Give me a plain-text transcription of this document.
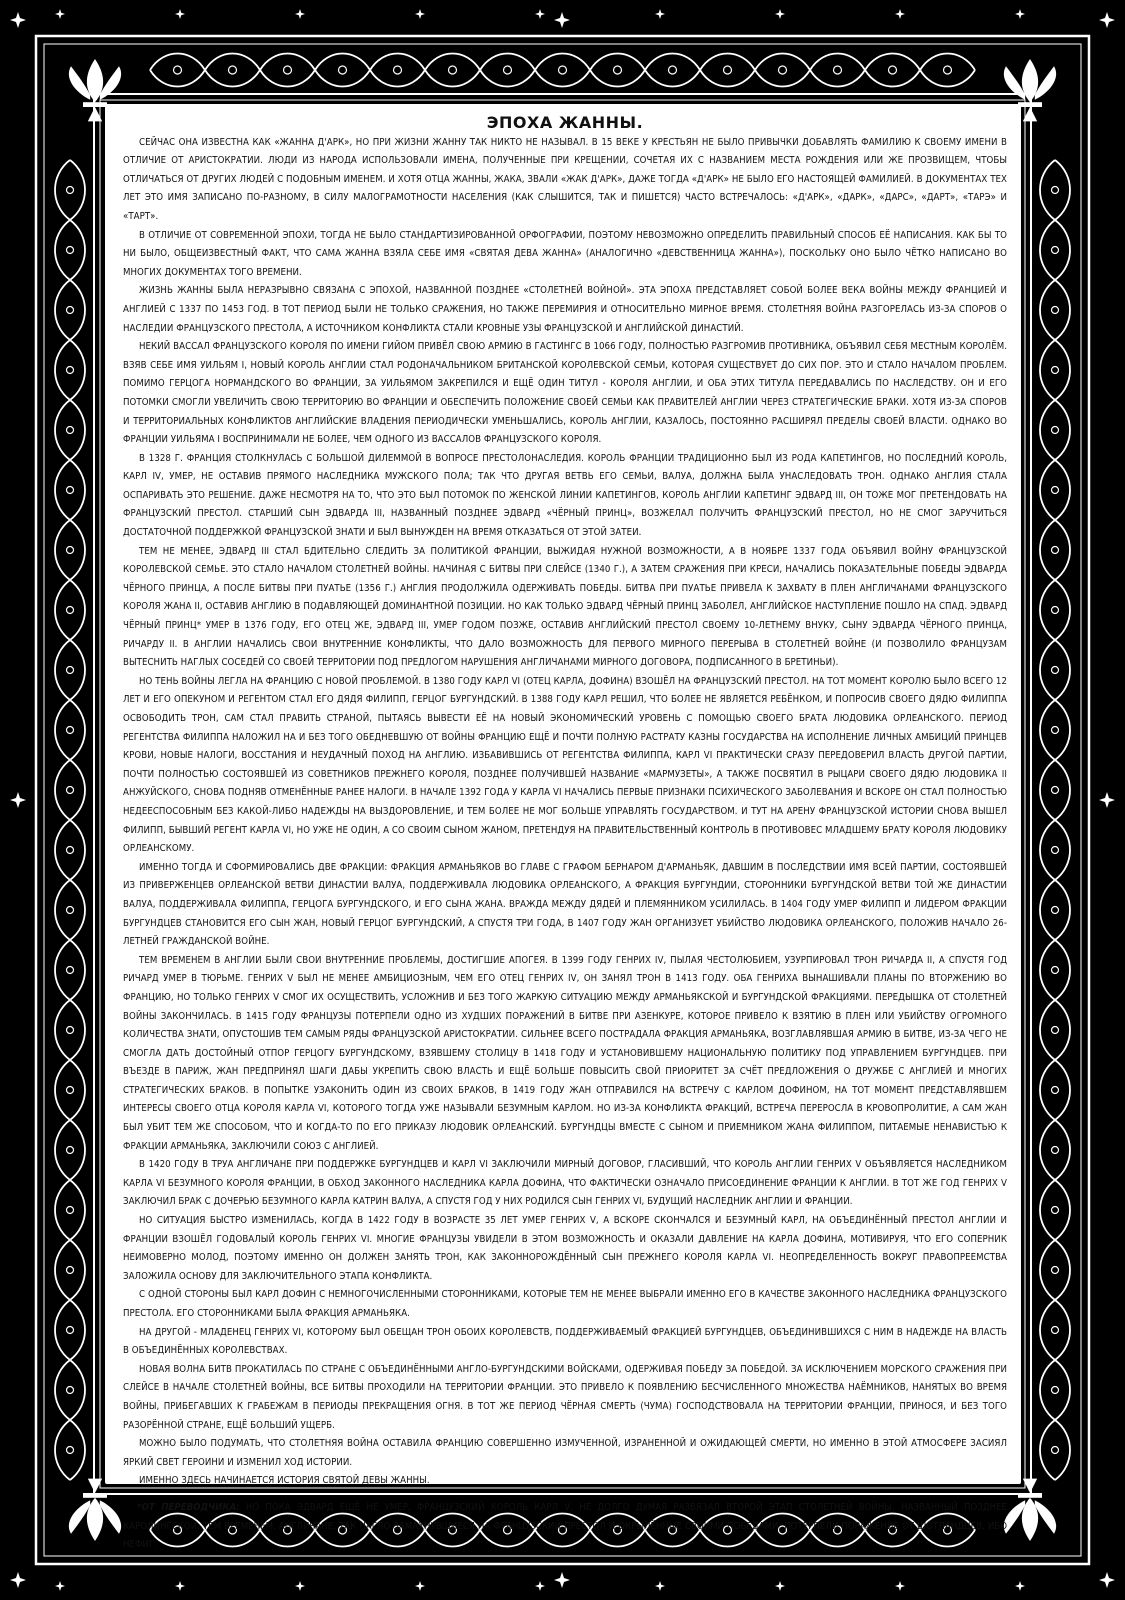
ЭПОХА ЖАННЫ.

СЕЙЧАС ОНА ИЗВЕСТНА КАК «ЖАННА Д'АРК», НО ПРИ ЖИЗНИ ЖАННУ ТАК НИКТО НЕ НАЗЫВАЛ. В 15 ВЕКЕ У КРЕСТЬЯН НЕ БЫЛО ПРИВЫЧКИ ДОБАВЛЯТЬ ФАМИЛИЮ К СВОЕМУ ИМЕНИ В ОТЛИЧИЕ ОТ АРИСТОКРАТИИ. ЛЮДИ ИЗ НАРОДА ИСПОЛЬЗОВАЛИ ИМЕНА, ПОЛУЧЕННЫЕ ПРИ КРЕЩЕНИИ, СОЧЕТАЯ ИХ С НАЗВАНИЕМ МЕСТА РОЖДЕНИЯ ИЛИ ЖЕ ПРОЗВИЩЕМ, ЧТОБЫ ОТЛИЧАТЬСЯ ОТ ДРУГИХ ЛЮДЕЙ С ПОДОБНЫМ ИМЕНЕМ. И ХОТЯ ОТЦА ЖАННЫ, ЖАКА, ЗВАЛИ «ЖАК Д'АРК», ДАЖЕ ТОГДА «Д'АРК» НЕ БЫЛО ЕГО НАСТОЯЩЕЙ ФАМИЛИЕЙ. В ДОКУМЕНТАХ ТЕХ ЛЕТ ЭТО ИМЯ ЗАПИСАНО ПО-РАЗНОМУ, В СИЛУ МАЛОГРАМОТНОСТИ НАСЕЛЕНИЯ (КАК СЛЫШИТСЯ, ТАК И ПИШЕТСЯ) ЧАСТО ВСТРЕЧАЛОСЬ: «Д'АРК», «ДАРК», «ДАРС», «ДАРТ», «ТАРЭ» И «ТАРТ».

В ОТЛИЧИЕ ОТ СОВРЕМЕННОЙ ЭПОХИ, ТОГДА НЕ БЫЛО СТАНДАРТИЗИРОВАННОЙ ОРФОГРАФИИ, ПОЭТОМУ НЕВОЗМОЖНО ОПРЕДЕЛИТЬ ПРАВИЛЬНЫЙ СПОСОБ ЕЁ НАПИСАНИЯ. КАК БЫ ТО НИ БЫЛО, ОБЩЕИЗВЕСТНЫЙ ФАКТ, ЧТО САМА ЖАННА ВЗЯЛА СЕБЕ ИМЯ «СВЯТАЯ ДЕВА ЖАННА» (АНАЛОГИЧНО «ДЕВСТВЕННИЦА ЖАННА»), ПОСКОЛЬКУ ОНО БЫЛО ЧЁТКО НАПИСАНО ВО МНОГИХ ДОКУМЕНТАХ ТОГО ВРЕМЕНИ.

ЖИЗНЬ ЖАННЫ БЫЛА НЕРАЗРЫВНО СВЯЗАНА С ЭПОХОЙ, НАЗВАННОЙ ПОЗДНЕЕ «СТОЛЕТНЕЙ ВОЙНОЙ». ЭТА ЭПОХА ПРЕДСТАВЛЯЕТ СОБОЙ БОЛЕЕ ВЕКА ВОЙНЫ МЕЖДУ ФРАНЦИЕЙ И АНГЛИЕЙ С 1337 ПО 1453 ГОД. В ТОТ ПЕРИОД БЫЛИ НЕ ТОЛЬКО СРАЖЕНИЯ, НО ТАКЖЕ ПЕРЕМИРИЯ И ОТНОСИТЕЛЬНО МИРНОЕ ВРЕМЯ. СТОЛЕТНЯЯ ВОЙНА РАЗГОРЕЛАСЬ ИЗ-ЗА СПОРОВ О НАСЛЕДИИ ФРАНЦУЗСКОГО ПРЕСТОЛА, А ИСТОЧНИКОМ КОНФЛИКТА СТАЛИ КРОВНЫЕ УЗЫ ФРАНЦУЗСКОЙ И АНГЛИЙСКОЙ ДИНАСТИЙ.

НЕКИЙ ВАССАЛ ФРАНЦУЗСКОГО КОРОЛЯ ПО ИМЕНИ ГИЙОМ ПРИВЁЛ СВОЮ АРМИЮ В ГАСТИНГС В 1066 ГОДУ, ПОЛНОСТЬЮ РАЗГРОМИВ ПРОТИВНИКА, ОБЪЯВИЛ СЕБЯ МЕСТНЫМ КОРОЛЁМ. ВЗЯВ СЕБЕ ИМЯ УИЛЬЯМ I, НОВЫЙ КОРОЛЬ АНГЛИИ СТАЛ РОДОНАЧАЛЬНИКОМ БРИТАНСКОЙ КОРОЛЕВСКОЙ СЕМЬИ, КОТОРАЯ СУЩЕСТВУЕТ ДО СИХ ПОР. ЭТО И СТАЛО НАЧАЛОМ ПРОБЛЕМ. ПОМИМО ГЕРЦОГА НОРМАНДСКОГО ВО ФРАНЦИИ, ЗА УИЛЬЯМОМ ЗАКРЕПИЛСЯ И ЕЩЁ ОДИН ТИТУЛ - КОРОЛЯ АНГЛИИ, И ОБА ЭТИХ ТИТУЛА ПЕРЕДАВАЛИСЬ ПО НАСЛЕДСТВУ. ОН И ЕГО ПОТОМКИ СМОГЛИ УВЕЛИЧИТЬ СВОЮ ТЕРРИТОРИЮ ВО ФРАНЦИИ И ОБЕСПЕЧИТЬ ПОЛОЖЕНИЕ СВОЕЙ СЕМЬИ КАК ПРАВИТЕЛЕЙ АНГЛИИ ЧЕРЕЗ СТРАТЕГИЧЕСКИЕ БРАКИ. ХОТЯ ИЗ-ЗА СПОРОВ И ТЕРРИТОРИАЛЬНЫХ КОНФЛИКТОВ АНГЛИЙСКИЕ ВЛАДЕНИЯ ПЕРИОДИЧЕСКИ УМЕНЬШАЛИСЬ, КОРОЛЬ АНГЛИИ, КАЗАЛОСЬ, ПОСТОЯННО РАСШИРЯЛ ПРЕДЕЛЫ СВОЕЙ ВЛАСТИ. ОДНАКО ВО ФРАНЦИИ УИЛЬЯМА I ВОСПРИНИМАЛИ НЕ БОЛЕЕ, ЧЕМ ОДНОГО ИЗ ВАССАЛОВ ФРАНЦУЗСКОГО КОРОЛЯ.

В 1328 Г. ФРАНЦИЯ СТОЛКНУЛАСЬ С БОЛЬШОЙ ДИЛЕММОЙ В ВОПРОСЕ ПРЕСТОЛОНАСЛЕДИЯ. КОРОЛЬ ФРАНЦИИ ТРАДИЦИОННО БЫЛ ИЗ РОДА КАПЕТИНГОВ, НО ПОСЛЕДНИЙ КОРОЛЬ, КАРЛ IV, УМЕР, НЕ ОСТАВИВ ПРЯМОГО НАСЛЕДНИКА МУЖСКОГО ПОЛА; ТАК ЧТО ДРУГАЯ ВЕТВЬ ЕГО СЕМЬИ, ВАЛУА, ДОЛЖНА БЫЛА УНАСЛЕДОВАТЬ ТРОН. ОДНАКО АНГЛИЯ СТАЛА ОСПАРИВАТЬ ЭТО РЕШЕНИЕ. ДАЖЕ НЕСМОТРЯ НА ТО, ЧТО ЭТО БЫЛ ПОТОМОК ПО ЖЕНСКОЙ ЛИНИИ КАПЕТИНГОВ, КОРОЛЬ АНГЛИИ КАПЕТИНГ ЭДВАРД III, ОН ТОЖЕ МОГ ПРЕТЕНДОВАТЬ НА ФРАНЦУЗСКИЙ ПРЕСТОЛ. СТАРШИЙ СЫН ЭДВАРДА III, НАЗВАННЫЙ ПОЗДНЕЕ ЭДВАРД «ЧЁРНЫЙ ПРИНЦ», ВОЗЖЕЛАЛ ПОЛУЧИТЬ ФРАНЦУЗСКИЙ ПРЕСТОЛ, НО НЕ СМОГ ЗАРУЧИТЬСЯ ДОСТАТОЧНОЙ ПОДДЕРЖКОЙ ФРАНЦУЗСКОЙ ЗНАТИ И БЫЛ ВЫНУЖДЕН НА ВРЕМЯ ОТКАЗАТЬСЯ ОТ ЭТОЙ ЗАТЕИ.

ТЕМ НЕ МЕНЕЕ, ЭДВАРД III СТАЛ БДИТЕЛЬНО СЛЕДИТЬ ЗА ПОЛИТИКОЙ ФРАНЦИИ, ВЫЖИДАЯ НУЖНОЙ ВОЗМОЖНОСТИ, А В НОЯБРЕ 1337 ГОДА ОБЪЯВИЛ ВОЙНУ ФРАНЦУЗСКОЙ КОРОЛЕВСКОЙ СЕМЬЕ. ЭТО СТАЛО НАЧАЛОМ СТОЛЕТНЕЙ ВОЙНЫ. НАЧИНАЯ С БИТВЫ ПРИ СЛЕЙСЕ (1340 Г.), А ЗАТЕМ СРАЖЕНИЯ ПРИ КРЕСИ, НАЧАЛИСЬ ПОКАЗАТЕЛЬНЫЕ ПОБЕДЫ ЭДВАРДА ЧЁРНОГО ПРИНЦА, А ПОСЛЕ БИТВЫ ПРИ ПУАТЬЕ (1356 Г.) АНГЛИЯ ПРОДОЛЖИЛА ОДЕРЖИВАТЬ ПОБЕДЫ. БИТВА ПРИ ПУАТЬЕ ПРИВЕЛА К ЗАХВАТУ В ПЛЕН АНГЛИЧАНАМИ ФРАНЦУЗСКОГО КОРОЛЯ ЖАНА II, ОСТАВИВ АНГЛИЮ В ПОДАВЛЯЮЩЕЙ ДОМИНАНТНОЙ ПОЗИЦИИ. НО КАК ТОЛЬКО ЭДВАРД ЧЁРНЫЙ ПРИНЦ ЗАБОЛЕЛ, АНГЛИЙСКОЕ НАСТУПЛЕНИЕ ПОШЛО НА СПАД. ЭДВАРД ЧЁРНЫЙ ПРИНЦ* УМЕР В 1376 ГОДУ, ЕГО ОТЕЦ ЖЕ, ЭДВАРД III, УМЕР ГОДОМ ПОЗЖЕ, ОСТАВИВ АНГЛИЙСКИЙ ПРЕСТОЛ СВОЕМУ 10-ЛЕТНЕМУ ВНУКУ, СЫНУ ЭДВАРДА ЧЁРНОГО ПРИНЦА, РИЧАРДУ II. В АНГЛИИ НАЧАЛИСЬ СВОИ ВНУТРЕННИЕ КОНФЛИКТЫ, ЧТО ДАЛО ВОЗМОЖНОСТЬ ДЛЯ ПЕРВОГО МИРНОГО ПЕРЕРЫВА В СТОЛЕТНЕЙ ВОЙНЕ (И ПОЗВОЛИЛО ФРАНЦУЗАМ ВЫТЕСНИТЬ НАГЛЫХ СОСЕДЕЙ СО СВОЕЙ ТЕРРИТОРИИ ПОД ПРЕДЛОГОМ НАРУШЕНИЯ АНГЛИЧАНАМИ МИРНОГО ДОГОВОРА, ПОДПИСАННОГО В БРЕТИНЬИ).

НО ТЕНЬ ВОЙНЫ ЛЕГЛА НА ФРАНЦИЮ С НОВОЙ ПРОБЛЕМОЙ. В 1380 ГОДУ КАРЛ VI (ОТЕЦ КАРЛА, ДОФИНА) ВЗОШЁЛ НА ФРАНЦУЗСКИЙ ПРЕСТОЛ. НА ТОТ МОМЕНТ КОРОЛЮ БЫЛО ВСЕГО 12 ЛЕТ И ЕГО ОПЕКУНОМ И РЕГЕНТОМ СТАЛ ЕГО ДЯДЯ ФИЛИПП, ГЕРЦОГ БУРГУНДСКИЙ. В 1388 ГОДУ КАРЛ РЕШИЛ, ЧТО БОЛЕЕ НЕ ЯВЛЯЕТСЯ РЕБЁНКОМ, И ПОПРОСИВ СВОЕГО ДЯДЮ ФИЛИППА ОСВОБОДИТЬ ТРОН, САМ СТАЛ ПРАВИТЬ СТРАНОЙ, ПЫТАЯСЬ ВЫВЕСТИ ЕЁ НА НОВЫЙ ЭКОНОМИЧЕСКИЙ УРОВЕНЬ С ПОМОЩЬЮ СВОЕГО БРАТА ЛЮДОВИКА ОРЛЕАНСКОГО. ПЕРИОД РЕГЕНТСТВА ФИЛИППА НАЛОЖИЛ НА И БЕЗ ТОГО ОБЕДНЕВШУЮ ОТ ВОЙНЫ ФРАНЦИЮ ЕЩЁ И ПОЧТИ ПОЛНУЮ РАСТРАТУ КАЗНЫ ГОСУДАРСТВА НА ИСПОЛНЕНИЕ ЛИЧНЫХ АМБИЦИЙ ПРИНЦЕВ КРОВИ, НОВЫЕ НАЛОГИ, ВОССТАНИЯ И НЕУДАЧНЫЙ ПОХОД НА АНГЛИЮ. ИЗБАВИВШИСЬ ОТ РЕГЕНТСТВА ФИЛИППА, КАРЛ VI ПРАКТИЧЕСКИ СРАЗУ ПЕРЕДОВЕРИЛ ВЛАСТЬ ДРУГОЙ ПАРТИИ, ПОЧТИ ПОЛНОСТЬЮ СОСТОЯВШЕЙ ИЗ СОВЕТНИКОВ ПРЕЖНЕГО КОРОЛЯ, ПОЗДНЕЕ ПОЛУЧИВШЕЙ НАЗВАНИЕ «МАРМУЗЕТЫ», А ТАКЖЕ ПОСВЯТИЛ В РЫЦАРИ СВОЕГО ДЯДЮ ЛЮДОВИКА II АНЖУЙСКОГО, СНОВА ПОДНЯВ ОТМЕНЁННЫЕ РАНЕЕ НАЛОГИ. В НАЧАЛЕ 1392 ГОДА У КАРЛА VI НАЧАЛИСЬ ПЕРВЫЕ ПРИЗНАКИ ПСИХИЧЕСКОГО ЗАБОЛЕВАНИЯ И ВСКОРЕ ОН СТАЛ ПОЛНОСТЬЮ НЕДЕЕСПОСОБНЫМ БЕЗ КАКОЙ-ЛИБО НАДЕЖДЫ НА ВЫЗДОРОВЛЕНИЕ, И ТЕМ БОЛЕЕ НЕ МОГ БОЛЬШЕ УПРАВЛЯТЬ ГОСУДАРСТВОМ. И ТУТ НА АРЕНУ ФРАНЦУЗСКОЙ ИСТОРИИ СНОВА ВЫШЕЛ ФИЛИПП, БЫВШИЙ РЕГЕНТ КАРЛА VI, НО УЖЕ НЕ ОДИН, А СО СВОИМ СЫНОМ ЖАНОМ, ПРЕТЕНДУЯ НА ПРАВИТЕЛЬСТВЕННЫЙ КОНТРОЛЬ В ПРОТИВОВЕС МЛАДШЕМУ БРАТУ КОРОЛЯ ЛЮДОВИКУ ОРЛЕАНСКОМУ.

ИМЕННО ТОГДА И СФОРМИРОВАЛИСЬ ДВЕ ФРАКЦИИ: ФРАКЦИЯ АРМАНЬЯКОВ ВО ГЛАВЕ С ГРАФОМ БЕРНАРОМ Д'АРМАНЬЯК, ДАВШИМ В ПОСЛЕДСТВИИ ИМЯ ВСЕЙ ПАРТИИ, СОСТОЯВШЕЙ ИЗ ПРИВЕРЖЕНЦЕВ ОРЛЕАНСКОЙ ВЕТВИ ДИНАСТИИ ВАЛУА, ПОДДЕРЖИВАЛА ЛЮДОВИКА ОРЛЕАНСКОГО, А ФРАКЦИЯ БУРГУНДИИ, СТОРОННИКИ БУРГУНДСКОЙ ВЕТВИ ТОЙ ЖЕ ДИНАСТИИ ВАЛУА, ПОДДЕРЖИВАЛА ФИЛИППА, ГЕРЦОГА БУРГУНДСКОГО, И ЕГО СЫНА ЖАНА. ВРАЖДА МЕЖДУ ДЯДЕЙ И ПЛЕМЯННИКОМ УСИЛИЛАСЬ. В 1404 ГОДУ УМЕР ФИЛИПП И ЛИДЕРОМ ФРАКЦИИ БУРГУНДЦЕВ СТАНОВИТСЯ ЕГО СЫН ЖАН, НОВЫЙ ГЕРЦОГ БУРГУНДСКИЙ, А СПУСТЯ ТРИ ГОДА, В 1407 ГОДУ ЖАН ОРГАНИЗУЕТ УБИЙСТВО ЛЮДОВИКА ОРЛЕАНСКОГО, ПОЛОЖИВ НАЧАЛО 26-ЛЕТНЕЙ ГРАЖДАНСКОЙ ВОЙНЕ.

ТЕМ ВРЕМЕНЕМ В АНГЛИИ БЫЛИ СВОИ ВНУТРЕННИЕ ПРОБЛЕМЫ, ДОСТИГШИЕ АПОГЕЯ. В 1399 ГОДУ ГЕНРИХ IV, ПЫЛАЯ ЧЕСТОЛЮБИЕМ, УЗУРПИРОВАЛ ТРОН РИЧАРДА II, А СПУСТЯ ГОД РИЧАРД УМЕР В ТЮРЬМЕ. ГЕНРИХ V БЫЛ НЕ МЕНЕЕ АМБИЦИОЗНЫМ, ЧЕМ ЕГО ОТЕЦ ГЕНРИХ IV, ОН ЗАНЯЛ ТРОН В 1413 ГОДУ. ОБА ГЕНРИХА ВЫНАШИВАЛИ ПЛАНЫ ПО ВТОРЖЕНИЮ ВО ФРАНЦИЮ, НО ТОЛЬКО ГЕНРИХ V СМОГ ИХ ОСУЩЕСТВИТЬ, УСЛОЖНИВ И БЕЗ ТОГО ЖАРКУЮ СИТУАЦИЮ МЕЖДУ АРМАНЬЯКСКОЙ И БУРГУНДСКОЙ ФРАКЦИЯМИ. ПЕРЕДЫШКА ОТ СТОЛЕТНЕЙ ВОЙНЫ ЗАКОНЧИЛАСЬ. В 1415 ГОДУ ФРАНЦУЗЫ ПОТЕРПЕЛИ ОДНО ИЗ ХУДШИХ ПОРАЖЕНИЙ В БИТВЕ ПРИ АЗЕНКУРЕ, КОТОРОЕ ПРИВЕЛО К ВЗЯТИЮ В ПЛЕН ИЛИ УБИЙСТВУ ОГРОМНОГО КОЛИЧЕСТВА ЗНАТИ, ОПУСТОШИВ ТЕМ САМЫМ РЯДЫ ФРАНЦУЗСКОЙ АРИСТОКРАТИИ. СИЛЬНЕЕ ВСЕГО ПОСТРАДАЛА ФРАКЦИЯ АРМАНЬЯКА, ВОЗГЛАВЛЯВШАЯ АРМИЮ В БИТВЕ, ИЗ-ЗА ЧЕГО НЕ СМОГЛА ДАТЬ ДОСТОЙНЫЙ ОТПОР ГЕРЦОГУ БУРГУНДСКОМУ, ВЗЯВШЕМУ СТОЛИЦУ В 1418 ГОДУ И УСТАНОВИВШЕМУ НАЦИОНАЛЬНУЮ ПОЛИТИКУ ПОД УПРАВЛЕНИЕМ БУРГУНДЦЕВ. ПРИ ВЪЕЗДЕ В ПАРИЖ, ЖАН ПРЕДПРИНЯЛ ШАГИ ДАБЫ УКРЕПИТЬ СВОЮ ВЛАСТЬ И ЕЩЁ БОЛЬШЕ ПОВЫСИТЬ СВОЙ ПРИОРИТЕТ ЗА СЧЁТ ПРЕДЛОЖЕНИЯ О ДРУЖБЕ С АНГЛИЕЙ И МНОГИХ СТРАТЕГИЧЕСКИХ БРАКОВ. В ПОПЫТКЕ УЗАКОНИТЬ ОДИН ИЗ СВОИХ БРАКОВ, В 1419 ГОДУ ЖАН ОТПРАВИЛСЯ НА ВСТРЕЧУ С КАРЛОМ ДОФИНОМ, НА ТОТ МОМЕНТ ПРЕДСТАВЛЯВШЕМ ИНТЕРЕСЫ СВОЕГО ОТЦА КОРОЛЯ КАРЛА VI, КОТОРОГО ТОГДА УЖЕ НАЗЫВАЛИ БЕЗУМНЫМ КАРЛОМ. НО ИЗ-ЗА КОНФЛИКТА ФРАКЦИЙ, ВСТРЕЧА ПЕРЕРОСЛА В КРОВОПРОЛИТИЕ, А САМ ЖАН БЫЛ УБИТ ТЕМ ЖЕ СПОСОБОМ, ЧТО И КОГДА-ТО ПО ЕГО ПРИКАЗУ ЛЮДОВИК ОРЛЕАНСКИЙ. БУРГУНДЦЫ ВМЕСТЕ С СЫНОМ И ПРИЕМНИКОМ ЖАНА ФИЛИППОМ, ПИТАЕМЫЕ НЕНАВИСТЬЮ К ФРАКЦИИ АРМАНЬЯКА, ЗАКЛЮЧИЛИ СОЮЗ С АНГЛИЕЙ.

В 1420 ГОДУ В ТРУА АНГЛИЧАНЕ ПРИ ПОДДЕРЖКЕ БУРГУНДЦЕВ И КАРЛ VI ЗАКЛЮЧИЛИ МИРНЫЙ ДОГОВОР, ГЛАСИВШИЙ, ЧТО КОРОЛЬ АНГЛИИ ГЕНРИХ V ОБЪЯВЛЯЕТСЯ НАСЛЕДНИКОМ КАРЛА VI БЕЗУМНОГО КОРОЛЯ ФРАНЦИИ, В ОБХОД ЗАКОННОГО НАСЛЕДНИКА КАРЛА ДОФИНА, ЧТО ФАКТИЧЕСКИ ОЗНАЧАЛО ПРИСОЕДИНЕНИЕ ФРАНЦИИ К АНГЛИИ. В ТОТ ЖЕ ГОД ГЕНРИХ V ЗАКЛЮЧИЛ БРАК С ДОЧЕРЬЮ БЕЗУМНОГО КАРЛА КАТРИН ВАЛУА, А СПУСТЯ ГОД У НИХ РОДИЛСЯ СЫН ГЕНРИХ VI, БУДУЩИЙ НАСЛЕДНИК АНГЛИИ И ФРАНЦИИ.

НО СИТУАЦИЯ БЫСТРО ИЗМЕНИЛАСЬ, КОГДА В 1422 ГОДУ В ВОЗРАСТЕ 35 ЛЕТ УМЕР ГЕНРИХ V, А ВСКОРЕ СКОНЧАЛСЯ И БЕЗУМНЫЙ КАРЛ, НА ОБЪЕДИНЁННЫЙ ПРЕСТОЛ АНГЛИИ И ФРАНЦИИ ВЗОШЁЛ ГОДОВАЛЫЙ КОРОЛЬ ГЕНРИХ VI. МНОГИЕ ФРАНЦУЗЫ УВИДЕЛИ В ЭТОМ ВОЗМОЖНОСТЬ И ОКАЗАЛИ ДАВЛЕНИЕ НА КАРЛА ДОФИНА, МОТИВИРУЯ, ЧТО ЕГО СОПЕРНИК НЕИМОВЕРНО МОЛОД, ПОЭТОМУ ИМЕННО ОН ДОЛЖЕН ЗАНЯТЬ ТРОН, КАК ЗАКОННОРОЖДЁННЫЙ СЫН ПРЕЖНЕГО КОРОЛЯ КАРЛА VI. НЕОПРЕДЕЛЕННОСТЬ ВОКРУГ ПРАВОПРЕЕМСТВА ЗАЛОЖИЛА ОСНОВУ ДЛЯ ЗАКЛЮЧИТЕЛЬНОГО ЭТАПА КОНФЛИКТА.

С ОДНОЙ СТОРОНЫ БЫЛ КАРЛ ДОФИН С НЕМНОГОЧИСЛЕННЫМИ СТОРОННИКАМИ, КОТОРЫЕ ТЕМ НЕ МЕНЕЕ ВЫБРАЛИ ИМЕННО ЕГО В КАЧЕСТВЕ ЗАКОННОГО НАСЛЕДНИКА ФРАНЦУЗСКОГО ПРЕСТОЛА. ЕГО СТОРОННИКАМИ БЫЛА ФРАКЦИЯ АРМАНЬЯКА.

НА ДРУГОЙ - МЛАДЕНЕЦ ГЕНРИХ VI, КОТОРОМУ БЫЛ ОБЕЩАН ТРОН ОБОИХ КОРОЛЕВСТВ, ПОДДЕРЖИВАЕМЫЙ ФРАКЦИЕЙ БУРГУНДЦЕВ, ОБЪЕДИНИВШИХСЯ С НИМ В НАДЕЖДЕ НА ВЛАСТЬ В ОБЪЕДИНЁННЫХ КОРОЛЕВСТВАХ.

НОВАЯ ВОЛНА БИТВ ПРОКАТИЛАСЬ ПО СТРАНЕ С ОБЪЕДИНЁННЫМИ АНГЛО-БУРГУНДСКИМИ ВОЙСКАМИ, ОДЕРЖИВАЯ ПОБЕДУ ЗА ПОБЕДОЙ. ЗА ИСКЛЮЧЕНИЕМ МОРСКОГО СРАЖЕНИЯ ПРИ СЛЕЙСЕ В НАЧАЛЕ СТОЛЕТНЕЙ ВОЙНЫ, ВСЕ БИТВЫ ПРОХОДИЛИ НА ТЕРРИТОРИИ ФРАНЦИИ. ЭТО ПРИВЕЛО К ПОЯВЛЕНИЮ БЕСЧИСЛЕННОГО МНОЖЕСТВА НАЁМНИКОВ, НАНЯТЫХ ВО ВРЕМЯ ВОЙНЫ, ПРИБЕГАВШИХ К ГРАБЕЖАМ В ПЕРИОДЫ ПРЕКРАЩЕНИЯ ОГНЯ. В ТОТ ЖЕ ПЕРИОД ЧЁРНАЯ СМЕРТЬ (ЧУМА) ГОСПОДСТВОВАЛА НА ТЕРРИТОРИИ ФРАНЦИИ, ПРИНОСЯ, И БЕЗ ТОГО РАЗОРЁННОЙ СТРАНЕ, ЕЩЁ БОЛЬШИЙ УЩЕРБ.

МОЖНО БЫЛО ПОДУМАТЬ, ЧТО СТОЛЕТНЯЯ ВОЙНА ОСТАВИЛА ФРАНЦИЮ СОВЕРШЕННО ИЗМУЧЕННОЙ, ИЗРАНЕННОЙ И ОЖИДАЮЩЕЙ СМЕРТИ, НО ИМЕННО В ЭТОЙ АТМОСФЕРЕ ЗАСИЯЛ ЯРКИЙ СВЕТ ГЕРОИНИ И ИЗМЕНИЛ ХОД ИСТОРИИ.

ИМЕННО ЗДЕСЬ НАЧИНАЕТСЯ ИСТОРИЯ СВЯТОЙ ДЕВЫ ЖАННЫ.

*ОТ ПЕРЕВОДЧИКА: НО ПОКА ЭДВАРД ЕЩЁ НЕ УМЕР, ФРАНЦУЗСКИЙ КОРОЛЬ КАРЛ V, НЕ ДОЛГО ДУМАЯ РАЗВЯЗАЛ ВТОРОЙ ЭТАП СТОЛЕТНЕЙ ВОЙНЫ, НАЗВАННЫЙ ПОЗДНЕЕ КАРОЛИНГСКОЙ. ТЕМ ВРЕМЕНЕМ, АНГЛИЧАНЕ, ТАК НАГЛО ЗАМАХНУВШИЕСЯ НА ФРАНЦУЗСКИЙ ПРЕСТОЛ И ОКРЫЛЁННЫЕ СВОИМИ ПОБЕДАМИ, ПОТЕРПЕЛИ ПОРАЖЕНИЕ ОТ ШОТЛАНДЦЕВ, ИБО НЕФИГ.
